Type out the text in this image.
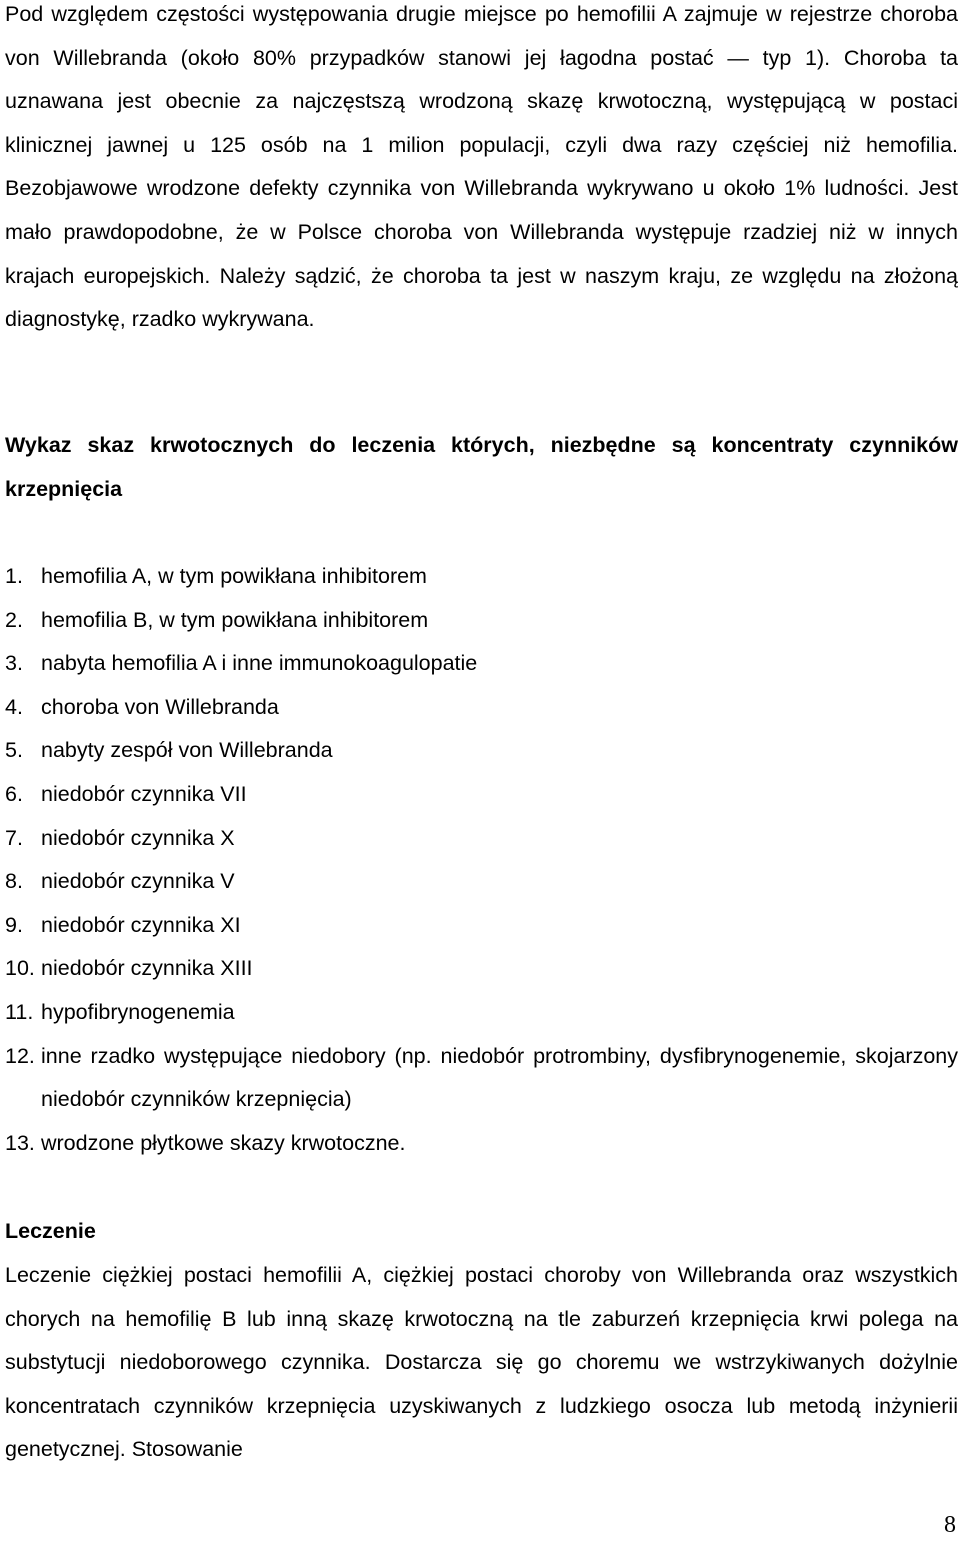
Pod względem częstości występowania drugie miejsce po hemofilii A zajmuje w rejestrze choroba von Willebranda (około 80% przypadków stanowi jej łagodna postać — typ 1). Choroba ta uznawana jest obecnie za najczęstszą wrodzoną skazę krwotoczną, występującą w postaci klinicznej jawnej u 125 osób na 1 milion populacji, czyli dwa razy częściej niż hemofilia. Bezobjawowe wrodzone defekty czynnika von Willebranda wykrywano u około 1% ludności. Jest mało prawdopodobne, że w Polsce choroba von Willebranda występuje rzadziej niż w innych krajach europejskich. Należy sądzić, że choroba ta jest w naszym kraju, ze względu na złożoną diagnostykę, rzadko wykrywana.

Wykaz skaz krwotocznych do leczenia których, niezbędne są koncentraty czynników krzepnięcia

1. hemofilia A, w tym powikłana inhibitorem
2. hemofilia B, w tym powikłana inhibitorem
3. nabyta hemofilia A i inne immunokoagulopatie
4. choroba von Willebranda
5. nabyty zespół von Willebranda
6. niedobór czynnika VII
7. niedobór czynnika X
8. niedobór czynnika V
9. niedobór czynnika XI
10. niedobór czynnika XIII
11. hypofibrynogenemia
12. inne rzadko występujące niedobory (np. niedobór protrombiny, dysfibrynogenemie, skojarzony niedobór czynników krzepnięcia)
13. wrodzone płytkowe skazy krwotoczne.

Leczenie

Leczenie ciężkiej postaci hemofilii A, ciężkiej postaci choroby von Willebranda oraz wszystkich chorych na hemofilię B lub inną skazę krwotoczną na tle zaburzeń krzepnięcia krwi polega na substytucji niedoborowego czynnika. Dostarcza się go choremu we wstrzykiwanych dożylnie koncentratach czynników krzepnięcia uzyskiwanych z ludzkiego osocza lub metodą inżynierii genetycznej. Stosowanie

8
